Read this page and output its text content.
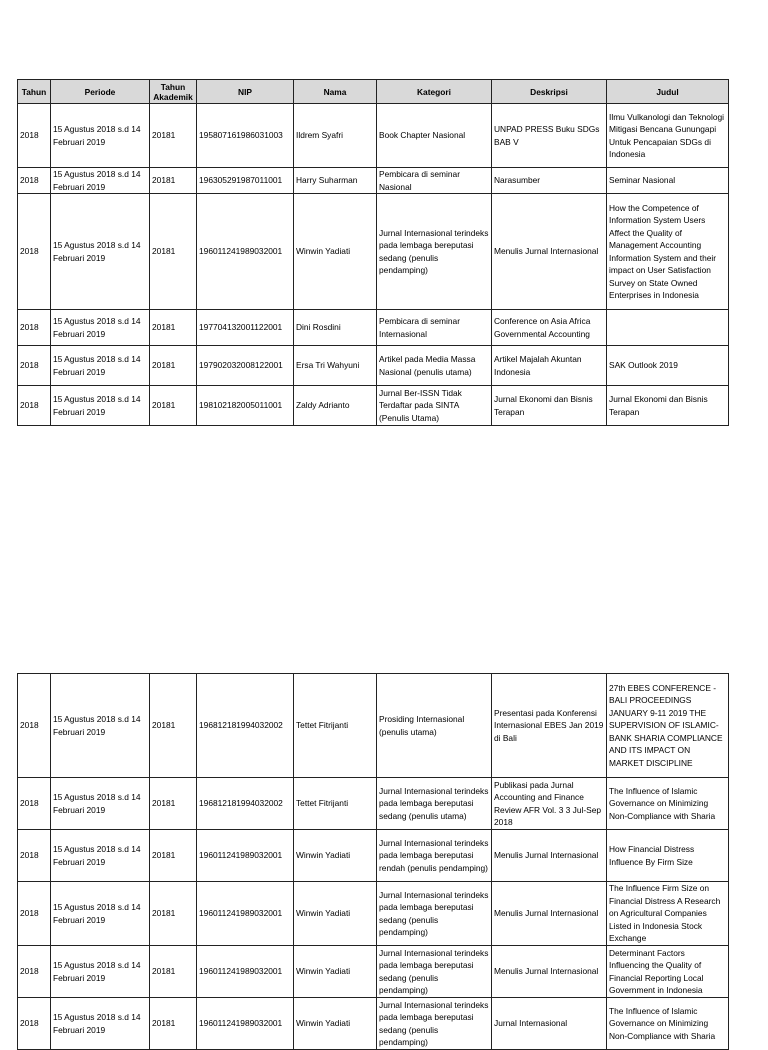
Tahun	Periode	Tahun Akademik	NIP	Nama	Kategori	Deskripsi	Judul
2018	15 Agustus 2018 s.d 14 Februari 2019	20181	195807161986031003	Ildrem Syafri	Book Chapter Nasional	UNPAD PRESS Buku SDGs BAB V	Ilmu Vulkanologi dan Teknologi Mitigasi Bencana Gunungapi Untuk Pencapaian SDGs di Indonesia
2018	15 Agustus 2018 s.d 14 Februari 2019	20181	196305291987011001	Harry Suharman	Pembicara di seminar Nasional	Narasumber	Seminar Nasional
2018	15 Agustus 2018 s.d 14 Februari 2019	20181	196011241989032001	Winwin Yadiati	Jurnal Internasional terindeks pada lembaga bereputasi sedang (penulis pendamping)	Menulis Jurnal Internasional	How the Competence of Information System Users Affect the Quality of Management Accounting Information System and their impact on User Satisfaction Survey on State Owned Enterprises in Indonesia
2018	15 Agustus 2018 s.d 14 Februari 2019	20181	197704132001122001	Dini Rosdini	Pembicara di seminar Internasional	Conference on Asia Africa Governmental Accounting	
2018	15 Agustus 2018 s.d 14 Februari 2019	20181	197902032008122001	Ersa Tri Wahyuni	Artikel pada Media Massa Nasional (penulis utama)	Artikel Majalah Akuntan Indonesia	SAK Outlook 2019
2018	15 Agustus 2018 s.d 14 Februari 2019	20181	198102182005011001	Zaldy Adrianto	Jurnal Ber-ISSN Tidak Terdaftar pada SINTA (Penulis Utama)	Jurnal Ekonomi dan Bisnis Terapan	Jurnal Ekonomi dan Bisnis Terapan
2018	15 Agustus 2018 s.d 14 Februari 2019	20181	196812181994032002	Tettet Fitrijanti	Prosiding Internasional (penulis utama)	Presentasi pada Konferensi Internasional EBES Jan 2019 di Bali	27th EBES CONFERENCE - BALI PROCEEDINGS JANUARY 9-11 2019 THE SUPERVISION OF ISLAMIC-BANK SHARIA COMPLIANCE AND ITS IMPACT ON MARKET DISCIPLINE
2018	15 Agustus 2018 s.d 14 Februari 2019	20181	196812181994032002	Tettet Fitrijanti	Jurnal Internasional terindeks pada lembaga bereputasi sedang (penulis utama)	Publikasi pada Jurnal Accounting and Finance Review AFR Vol. 3 3 Jul-Sep 2018	The Influence of Islamic Governance on Minimizing Non-Compliance with Sharia
2018	15 Agustus 2018 s.d 14 Februari 2019	20181	196011241989032001	Winwin Yadiati	Jurnal Internasional terindeks pada lembaga bereputasi rendah (penulis pendamping)	Menulis Jurnal Internasional	How Financial Distress Influence By Firm Size
2018	15 Agustus 2018 s.d 14 Februari 2019	20181	196011241989032001	Winwin Yadiati	Jurnal Internasional terindeks pada lembaga bereputasi sedang (penulis pendamping)	Menulis Jurnal Internasional	The Influence Firm Size on Financial Distress A Research on Agricultural Companies Listed in Indonesia Stock Exchange
2018	15 Agustus 2018 s.d 14 Februari 2019	20181	196011241989032001	Winwin Yadiati	Jurnal Internasional terindeks pada lembaga bereputasi sedang (penulis pendamping)	Menulis Jurnal Internasional	Determinant Factors Influencing the Quality of Financial Reporting Local Government in Indonesia
2018	15 Agustus 2018 s.d 14 Februari 2019	20181	196011241989032001	Winwin Yadiati	Jurnal Internasional terindeks pada lembaga bereputasi sedang (penulis pendamping)	Jurnal Internasional	The Influence of Islamic Governance on Minimizing Non-Compliance with Sharia
